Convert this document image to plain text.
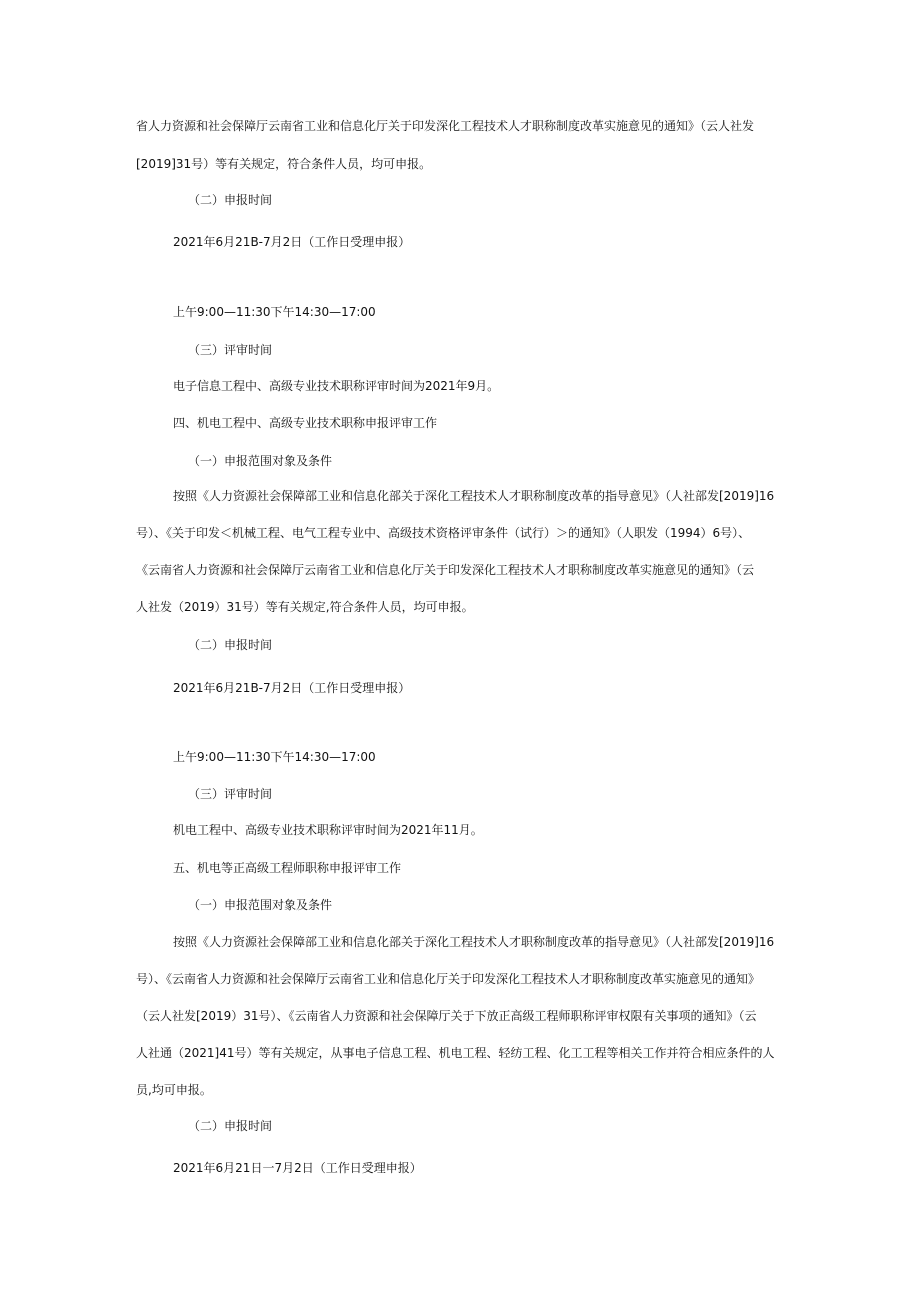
省人力资源和社会保障厅云南省工业和信息化厅关于印发深化工程技术人才职称制度改革实施意见的通知》（云人社发
[2019]31号）等有关规定，符合条件人员，均可申报。

（二）申报时间

2021年6月21B-7月2日（工作日受理申报）

上午9:00—11:30下午14:30—17:00

（三）评审时间

电子信息工程中、高级专业技术职称评审时间为2021年9月。

四、机电工程中、高级专业技术职称申报评审工作

（一）申报范围对象及条件

按照《人力资源社会保障部工业和信息化部关于深化工程技术人才职称制度改革的指导意见》（人社部发[2019]16
号）、《关于印发＜机械工程、电气工程专业中、高级技术资格评审条件（试行）＞的通知》（人职发（1994）6号）、
《云南省人力资源和社会保障厅云南省工业和信息化厅关于印发深化工程技术人才职称制度改革实施意见的通知》（云
人社发（2019）31号）等有关规定,符合条件人员，均可申报。

（二）申报时间

2021年6月21B-7月2日（工作日受理申报）

上午9:00—11:30下午14:30—17:00

（三）评审时间

机电工程中、高级专业技术职称评审时间为2021年11月。

五、机电等正高级工程师职称申报评审工作

（一）申报范围对象及条件

按照《人力资源社会保障部工业和信息化部关于深化工程技术人才职称制度改革的指导意见》（人社部发[2019]16
号）、《云南省人力资源和社会保障厅云南省工业和信息化厅关于印发深化工程技术人才职称制度改革实施意见的通知》
（云人社发[2019）31号）、《云南省人力资源和社会保障厅关于下放正高级工程师职称评审权限有关事项的通知》（云
人社通（2021]41号）等有关规定，从事电子信息工程、机电工程、轻纺工程、化工工程等相关工作并符合相应条件的人
员,均可申报。

（二）申报时间

2021年6月21日一7月2日（工作日受理申报）
